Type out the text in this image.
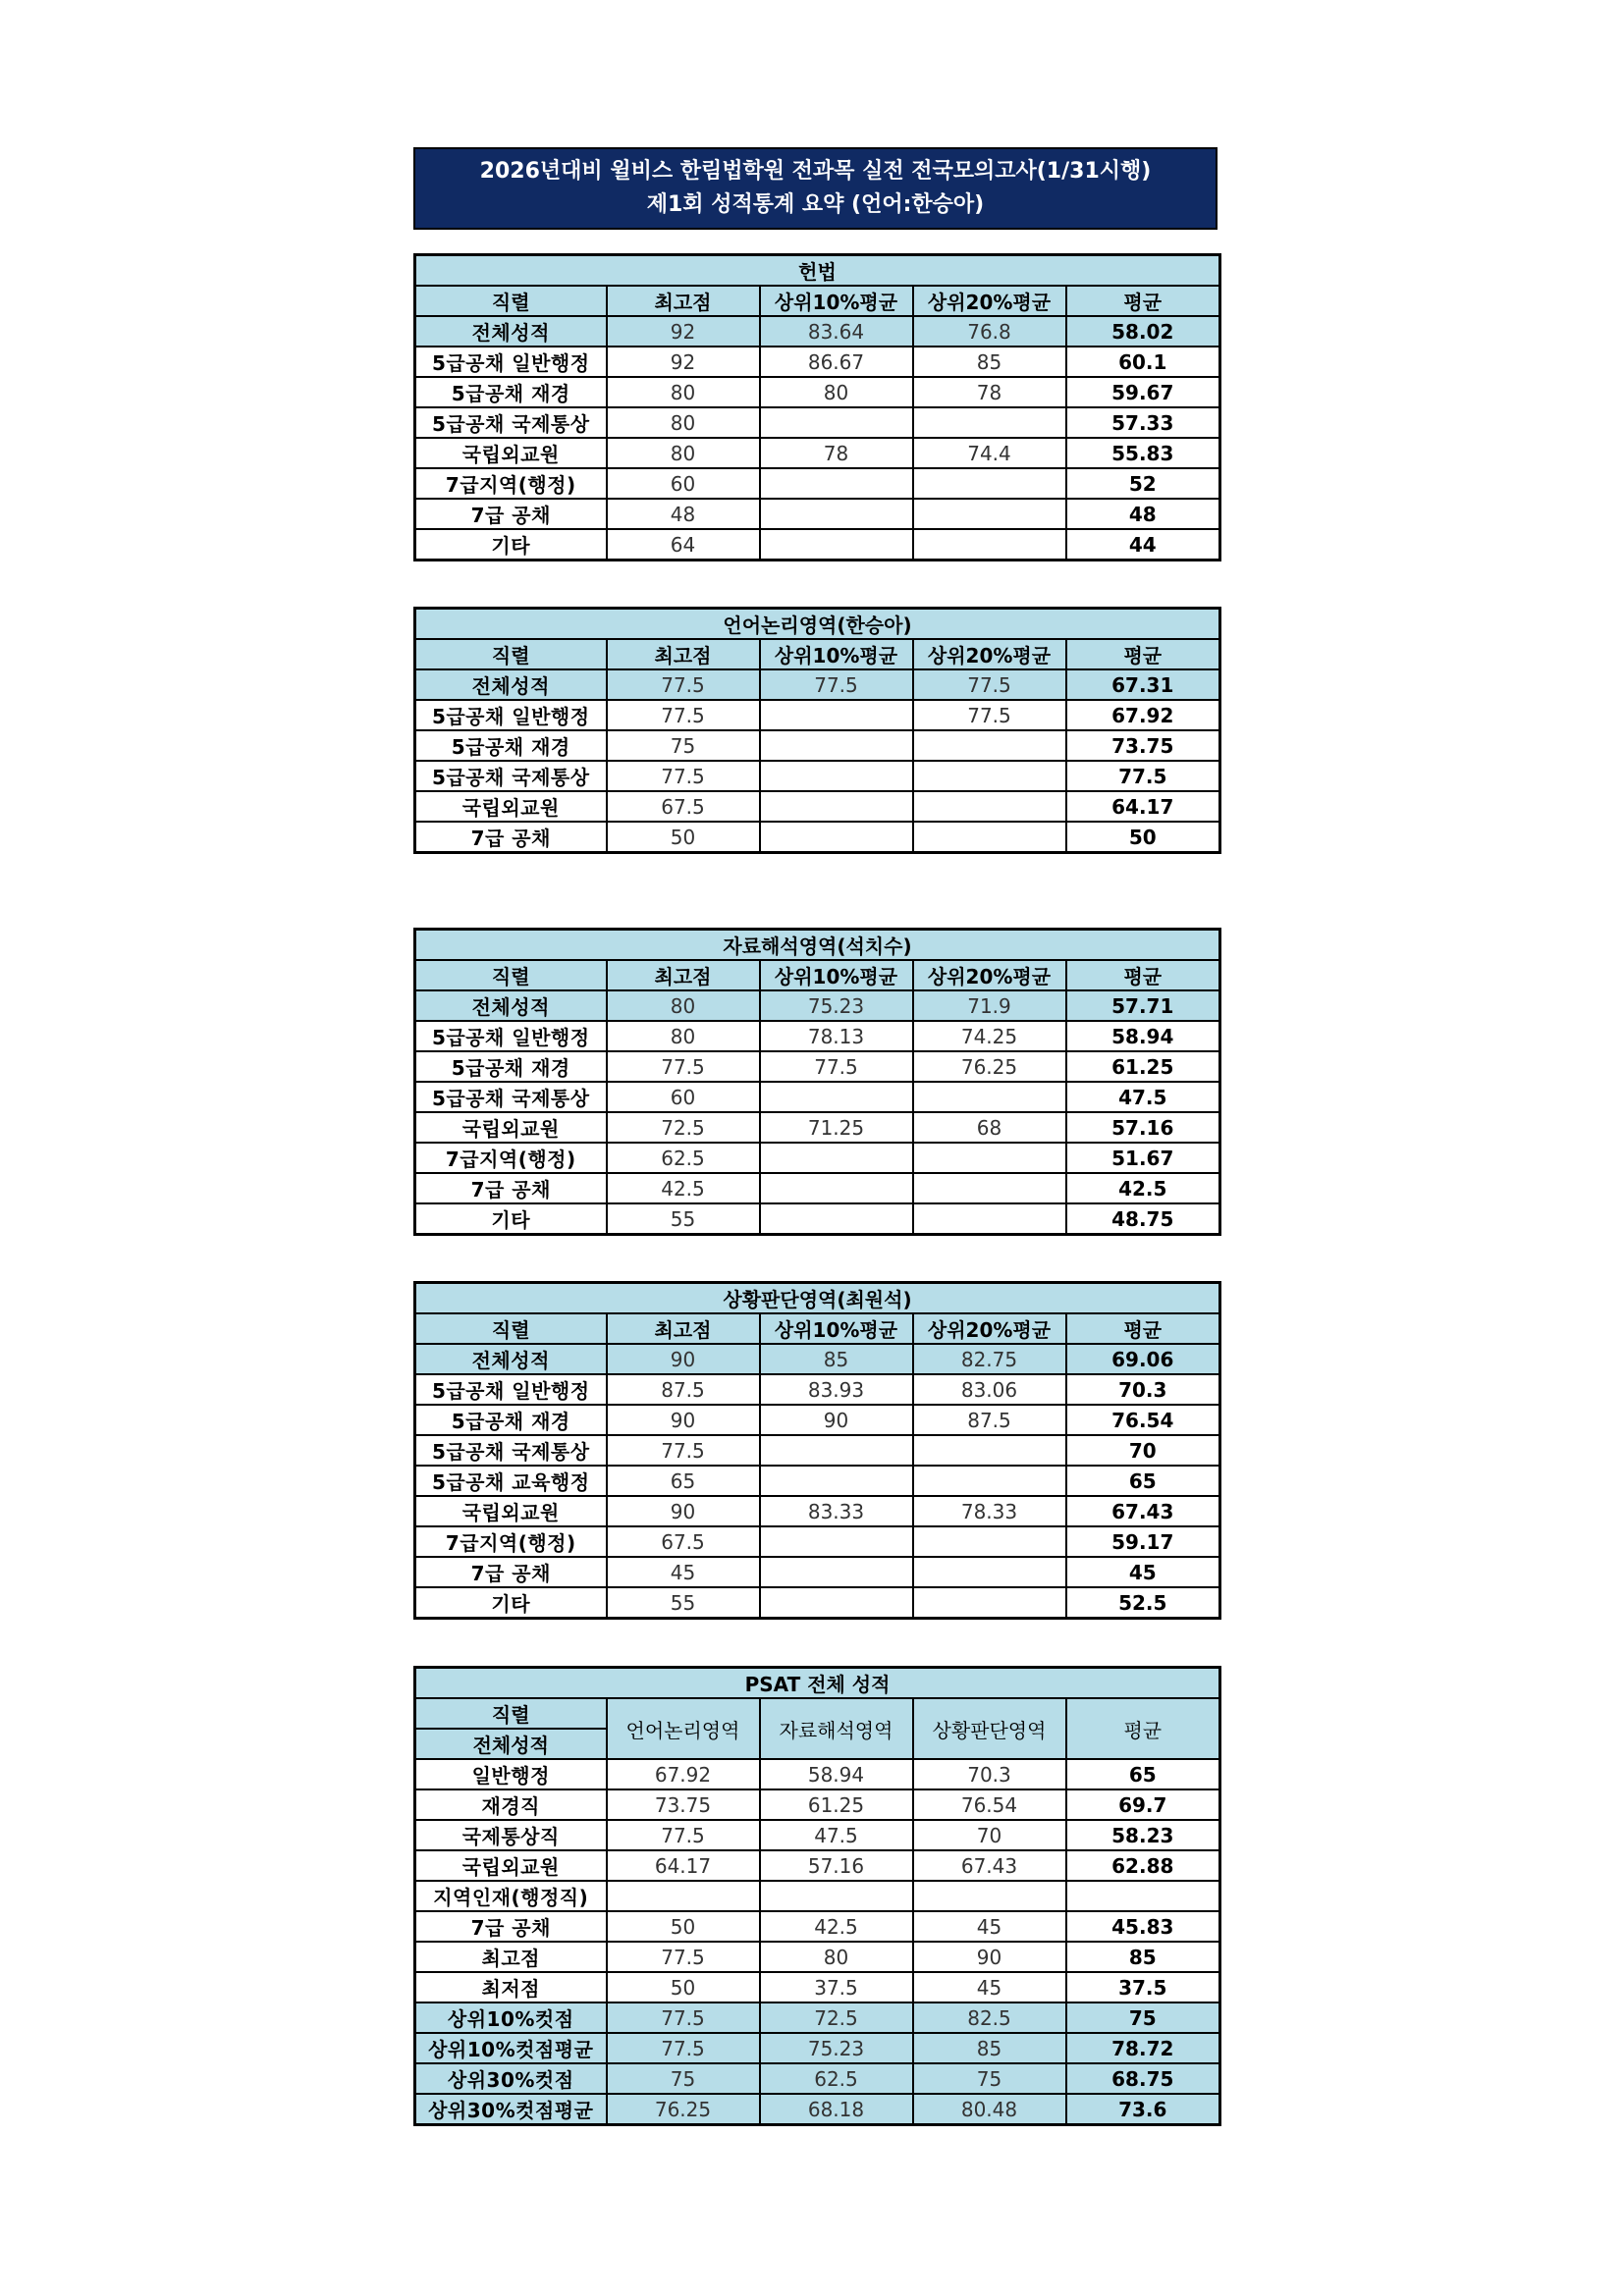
2026년대비 윌비스 한림법학원 전과목 실전 전국모의고사(1/31시행)
제1회 성적통계 요약 (언어:한승아)
헌법				
직렬	최고점	상위10%평균	상위20%평균	평균
전체성적	92	83.64	76.8	58.02
5급공채 일반행정	92	86.67	85	60.1
5급공채 재경	80	80	78	59.67
5급공채 국제통상	80			57.33
국립외교원	80	78	74.4	55.83
7급지역(행정)	60			52
7급 공채	48			48
기타	64			44
언어논리영역(한승아)				
직렬	최고점	상위10%평균	상위20%평균	평균
전체성적	77.5	77.5	77.5	67.31
5급공채 일반행정	77.5		77.5	67.92
5급공채 재경	75			73.75
5급공채 국제통상	77.5			77.5
국립외교원	67.5			64.17
7급 공채	50			50
자료해석영역(석치수)				
직렬	최고점	상위10%평균	상위20%평균	평균
전체성적	80	75.23	71.9	57.71
5급공채 일반행정	80	78.13	74.25	58.94
5급공채 재경	77.5	77.5	76.25	61.25
5급공채 국제통상	60			47.5
국립외교원	72.5	71.25	68	57.16
7급지역(행정)	62.5			51.67
7급 공채	42.5			42.5
기타	55			48.75
상황판단영역(최원석)				
직렬	최고점	상위10%평균	상위20%평균	평균
전체성적	90	85	82.75	69.06
5급공채 일반행정	87.5	83.93	83.06	70.3
5급공채 재경	90	90	87.5	76.54
5급공채 국제통상	77.5			70
5급공채 교육행정	65			65
국립외교원	90	83.33	78.33	67.43
7급지역(행정)	67.5			59.17
7급 공채	45			45
기타	55			52.5
PSAT 전체 성적				
직렬	언어논리영역	자료해석영역	상황판단영역	평균
전체성적				
일반행정	67.92	58.94	70.3	65
재경직	73.75	61.25	76.54	69.7
국제통상직	77.5	47.5	70	58.23
국립외교원	64.17	57.16	67.43	62.88
지역인재(행정직)				
7급 공채	50	42.5	45	45.83
최고점	77.5	80	90	85
최저점	50	37.5	45	37.5
상위10%컷점	77.5	72.5	82.5	75
상위10%컷점평균	77.5	75.23	85	78.72
상위30%컷점	75	62.5	75	68.75
상위30%컷점평균	76.25	68.18	80.48	73.6
